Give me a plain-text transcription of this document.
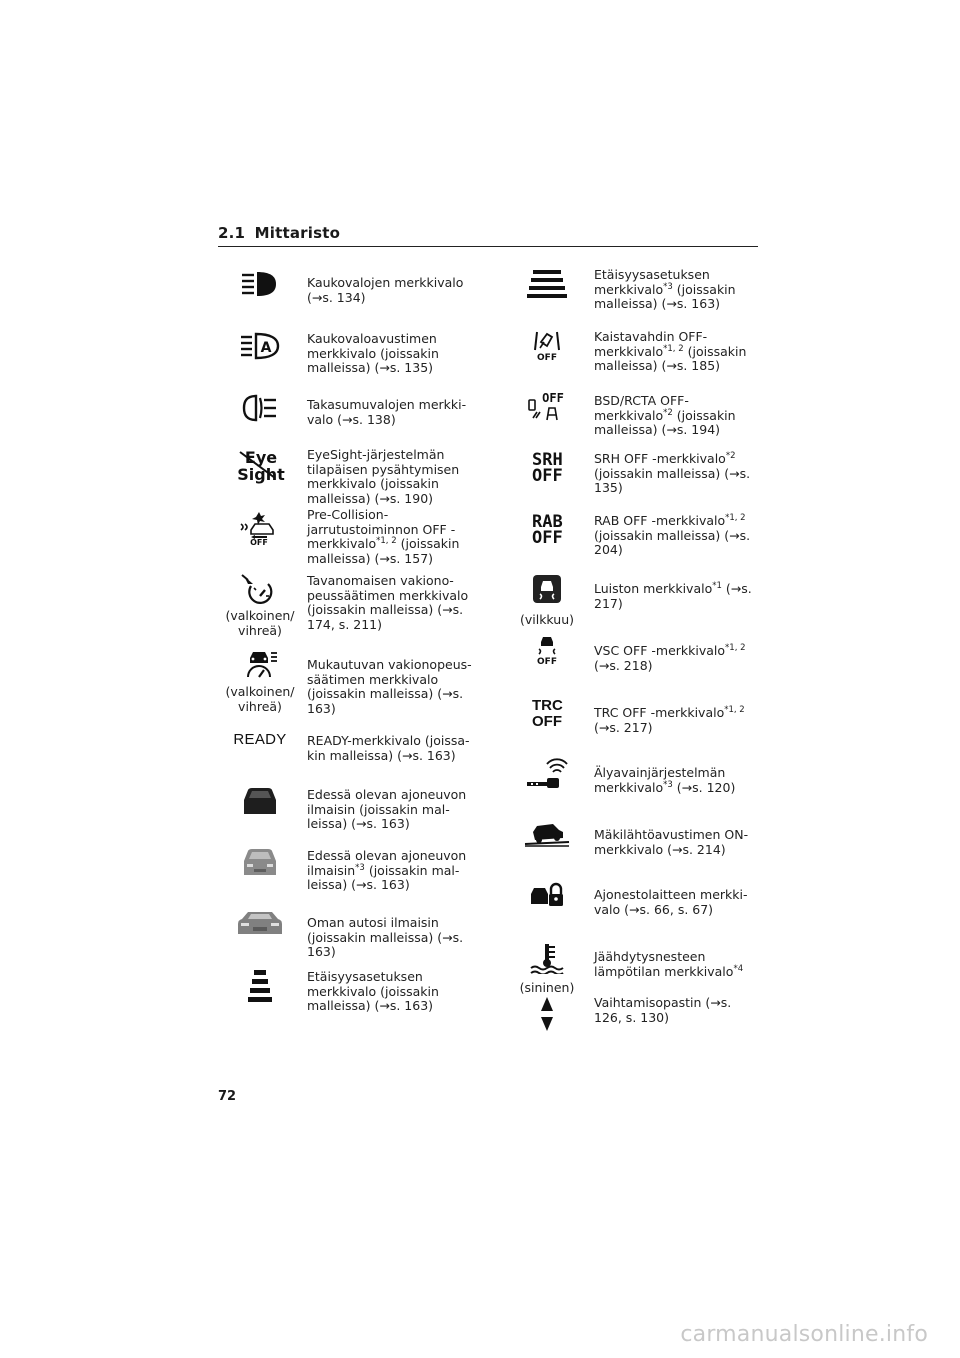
2.1 Mittaristo
Kaukovalojen merkkivalo (→s. 134)
A
Kaukovaloavustimen merkkivalo (joissakin malleissa) (→s. 135)
Takasumuvalojen merkkivalo (→s. 138)
Eye
Sight
EyeSight-järjestelmän tilapäisen pysähtymisen merkkivalo (joissakin malleissa) (→s. 190)
OFF
Pre-Collision-jarrutustoiminnon OFF -merkkivalo$^{*1, 2}$ (joissakin malleissa) (→s. 157)
(valkoinen/ vihreä)
Tavanomaisen vakionopeussäätimen merkkivalo (joissakin malleissa) (→s. 174, s. 211)
(valkoinen/ vihreä)
Mukautuvan vakionopeussäätimen merkkivalo (joissakin malleissa) (→s. 163)
READY	READY-merkkivalo (joissakin malleissa) (→s. 163)
Edessä olevan ajoneuvon ilmaisin (joissakin malleissa) (→s. 163)
Edessä olevan ajoneuvon ilmaisin$^{*3}$ (joissakin malleissa) (→s. 163)
Oman autosi ilmaisin (joissakin malleissa) (→s. 163)
Etäisyysasetuksen merkkivalo (joissakin malleissa) (→s. 163)
Etäisyysasetuksen merkkivalo$^{*3}$ (joissakin malleissa) (→s. 163)
OFF
Kaistavahdin OFF-merkkivalo$^{*1, 2}$ (joissakin malleissa) (→s. 185)
OFF BSD/RCTA OFF-merkkivalo$^{*2}$ (joissakin malleissa) (→s. 194)
SRH OFF
SRH OFF -merkkivalo$^{*2}$ (joissakin malleissa) (→s. 135)
RAB OFF
RAB OFF -merkkivalo$^{*1, 2}$ (joissakin malleissa) (→s. 204)
(vilkkuu)
Luiston merkkivalo$^{*1}$ (→s. 217)
OFF
VSC OFF -merkkivalo$^{*1, 2}$ (→s. 218)
TRC OFF
TRC OFF -merkkivalo$^{*1, 2}$ (→s. 217)
Älyavainjärjestelmän merkkivalo$^{*3}$ (→s. 120)
Mäkilähtöavustimen ON-merkkivalo (→s. 214)
Ajonestolaitteen merkkivalo (→s. 66, s. 67)
(sininen)
Jäähdytysnesteen lämpötilan merkkivalo$^{*4}$
Vaihtamisopastin (→s. 126, s. 130)
72
carmanualsonline.info
